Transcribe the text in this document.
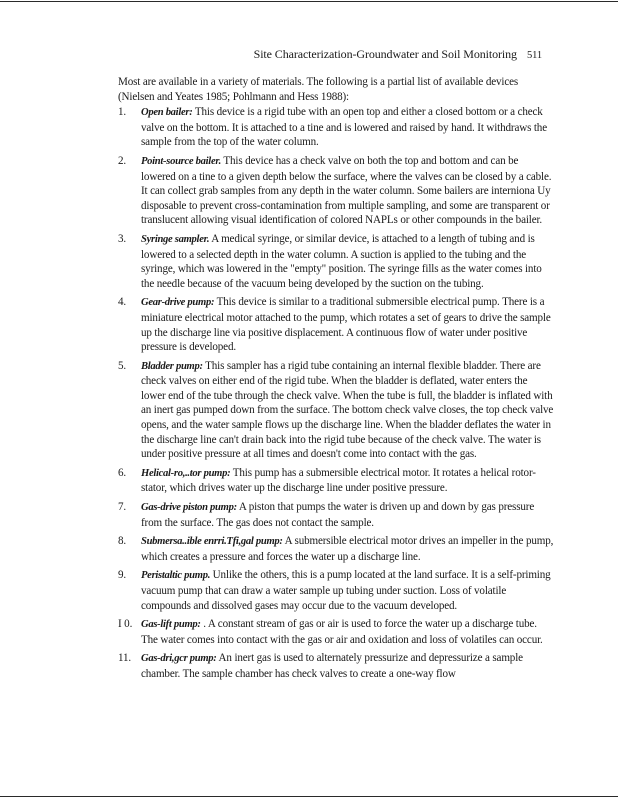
Site Characterization-Groundwater and Soil Monitoring 511

Most are available in a variety of materials. The following is a partial list of available devices (Nielsen and Yeates 1985; Pohlmann and Hess 1988):

1.	Open bailer: This device is a rigid tube with an open top and either a closed bottom or a check valve on the bottom. It is attached to a tine and is lowered and raised by hand. It withdraws the sample from the top of the water column.
2.	Point-source bailer. This device has a check valve on both the top and bottom and can be lowered on a tine to a given depth below the surface, where the valves can be closed by a cable. It can collect grab samples from any depth in the water column. Some bailers are interniona Uy disposable to prevent cross-contamination from multiple sampling, and some are transparent or translucent allowing visual identification of colored NAPLs or other compounds in the bailer.
3.	Syringe sampler. A medical syringe, or similar device, is attached to a length of tubing and is lowered to a selected depth in the water column. A suction is applied to the tubing and the syringe, which was lowered in the "empty" position. The syringe fills as the water comes into the needle because of the vacuum being developed by the suction on the tubing.
4.	Gear-drive pump: This device is similar to a traditional submersible electrical pump. There is a miniature electrical motor attached to the pump, which rotates a set of gears to drive the sample up the discharge line via positive displacement. A continuous flow of water under positive pressure is developed.
5.	Bladder pump: This sampler has a rigid tube containing an internal flexible bladder. There are check valves on either end of the rigid tube. When the bladder is deflated, water enters the lower end of the tube through the check valve. When the tube is full, the bladder is inflated with an inert gas pumped down from the surface. The bottom check valve closes, the top check valve opens, and the water sample flows up the discharge line. When the bladder deflates the water in the discharge line can't drain back into the rigid tube because of the check valve. The water is under positive pressure at all times and doesn't come into contact with the gas.
6.	Helical-ro,..tor pump: This pump has a submersible electrical motor. It rotates a helical rotor-stator, which drives water up the discharge line under positive pressure.
7.	Gas-drive piston pump: A piston that pumps the water is driven up and down by gas pressure from the surface. The gas does not contact the sample.
8.	Submersa..ible enrri.Tfi,gal pump: A submersible electrical motor drives an impeller in the pump, which creates a pressure and forces the water up a discharge line.
9.	Peristaltic pump. Unlike the others, this is a pump located at the land surface. It is a self-priming vacuum pump that can draw a water sample up tubing under suction. Loss of volatile compounds and dissolved gases may occur due to the vacuum developed.
I 0. Gas-lift pump: . A constant stream of gas or air is used to force the water up a discharge tube. The water comes into contact with the gas or air and oxidation and loss of volatiles can occur.
11. Gas-dri,gcr pump: An inert gas is used to alternately pressurize and depressurize a sample chamber. The sample chamber has check valves to create a one-way flow
